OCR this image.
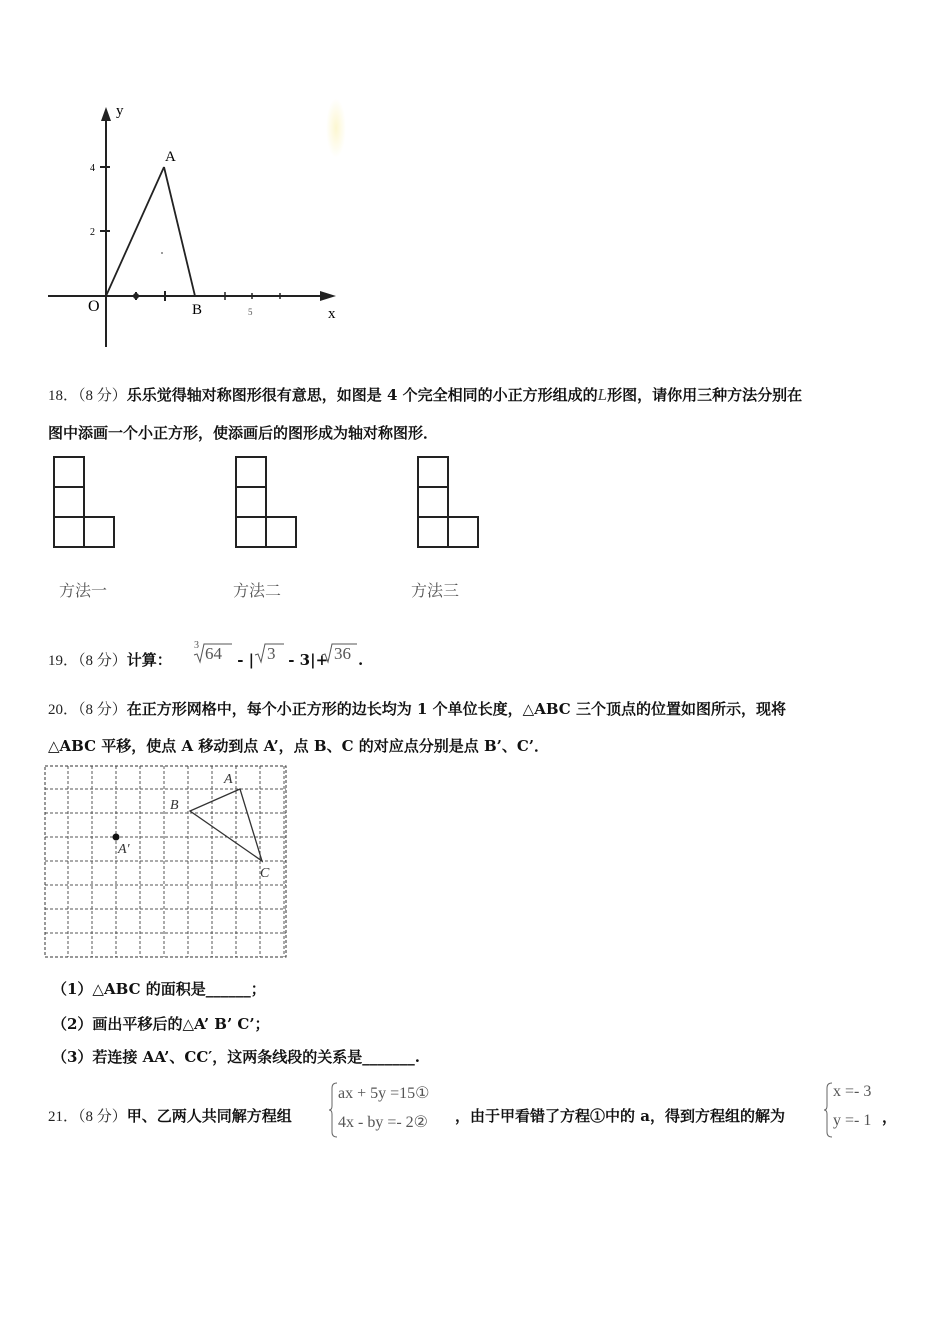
y
x
O
A
B
4
2
5
18．（8 分）乐乐觉得轴对称图形很有意思，如图是 4 个完全相同的小正方形组成的L形图，请你用三种方法分别在
图中添画一个小正方形，使添画后的图形成为轴对称图形．
方法一	方法二	方法三
19．（8 分）计算：
3 64 - | 3 - 3|+ 36 .
20．（8 分）在正方形网格中，每个小正方形的边长均为 1 个单位长度，△ABC 三个顶点的位置如图所示，现将
△ABC 平移，使点 A 移动到点 A’，点 B、C 的对应点分别是点 B’、C’．
A
B
C
A′
（1）△ABC 的面积是______；
（2）画出平移后的△A’ B’ C’；
（3）若连接 AA’、CC′，这两条线段的关系是_______.
21．（8 分）甲、乙两人共同解方程组
ax + 5y =15①
4x - by =- 2② ，由于甲看错了方程①中的 a，得到方程组的解为
x =- 3
y =- 1 ，
